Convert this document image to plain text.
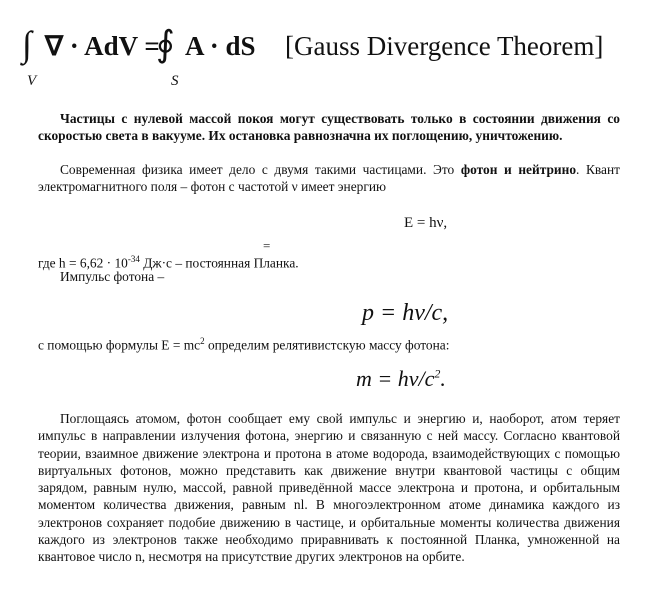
∫ ∇ · AdV =
∮ A · dS
V	S
[Gauss Divergence Theorem]
Частицы с нулевой массой покоя могут существовать только в состоянии движения со скоростью света в вакууме. Их остановка равнозначна их поглощению, уничтожению.
Современная физика имеет дело с двумя такими частицами. Это фотон и нейтрино. Квант электромагнитного поля – фотон с частотой ν имеет энергию
E = hν,
=
где $h = 6,62 \cdot 10^{-34}$ Дж·с – постоянная Планка.
Импульс фотона –
p = hν/c,
с помощью формулы $E = mc^2$ определим релятивистскую массу фотона:
$m = h\nu/c^2$.
Поглощаясь атомом, фотон сообщает ему свой импульс и энергию и, наоборот, атом теряет импульс в направлении излучения фотона, энергию и связанную с ней массу. Согласно квантовой теории, взаимное движение электрона и протона в атоме водорода, взаимодействующих с помощью виртуальных фотонов, можно представить как движение внутри квантовой частицы с общим зарядом, равным нулю, массой, равной приведённой массе электрона и протона, и орбитальным моментом количества движения, равным nl. В многоэлектронном атоме динамика каждого из электронов сохраняет подобие движению в частице, и орбитальные моменты количества движения каждого из электронов также необходимо приравнивать к постоянной Планка, умноженной на квантовое число n, несмотря на присутствие других электронов на орбите.
